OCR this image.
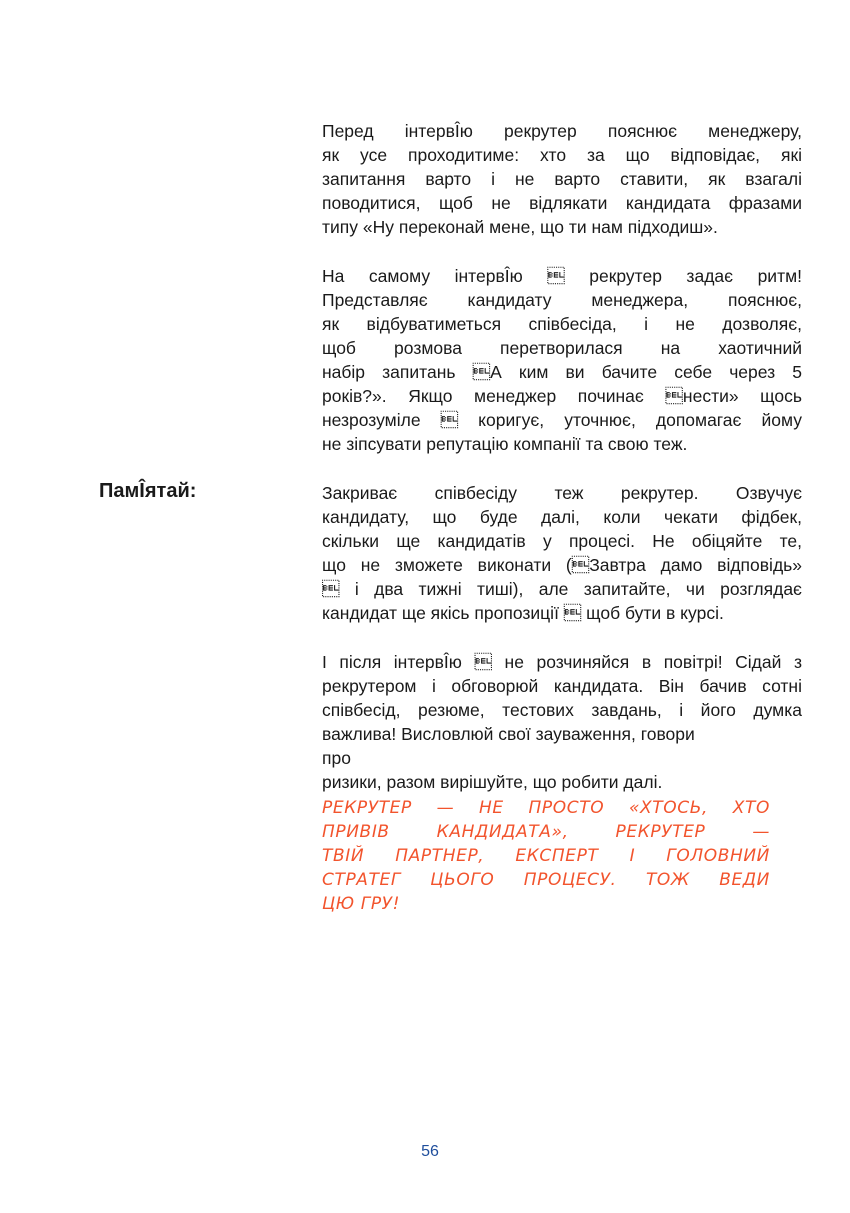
ПамÎятай:

Перед інтервÎю рекрутер пояснює менеджеру,
як усе проходитиме: хто за що відповідає, які
запитання варто і не варто ставити, як взагалі
поводитися, щоб не відлякати кандидата фразами
типу «Ну переконай мене, що ти нам підходиш».

На самому інтервÎю  рекрутер задає ритм!
Представляє кандидату менеджера, пояснює,
як відбуватиметься співбесіда, і не дозволяє,
щоб розмова перетворилася на хаотичний
набір запитань А ким ви бачите себе через 5
років?». Якщо менеджер починає нести» щось
незрозуміле  коригує, уточнює, допомагає йому
не зіпсувати репутацію компанії та свою теж.

Закриває співбесіду теж рекрутер. Озвучує
кандидату, що буде далі, коли чекати фідбек,
скільки ще кандидатів у процесі. Не обіцяйте те,
що не зможете виконати (Завтра дамо відповідь»
 і два тижні тиші), але запитайте, чи розглядає
кандидат ще якісь пропозиції  щоб бути в курсі.

І після інтервÎю  не розчиняйся в повітрі! Сідай з
рекрутером і обговорюй кандидата. Він бачив сотні
співбесід, резюме, тестових завдань, і його думка
важлива! Висловлюй свої зауваження, говори
про
ризики, разом вирішуйте, що робити далі.

РЕКРУТЕР — НЕ ПРОСТО «ХТОСЬ, ХТО
ПРИВІВ КАНДИДАТА», РЕКРУТЕР —
ТВІЙ ПАРТНЕР, ЕКСПЕРТ І ГОЛОВНИЙ
СТРАТЕГ ЦЬОГО ПРОЦЕСУ. ТОЖ ВЕДИ
ЦЮ ГРУ!

56
